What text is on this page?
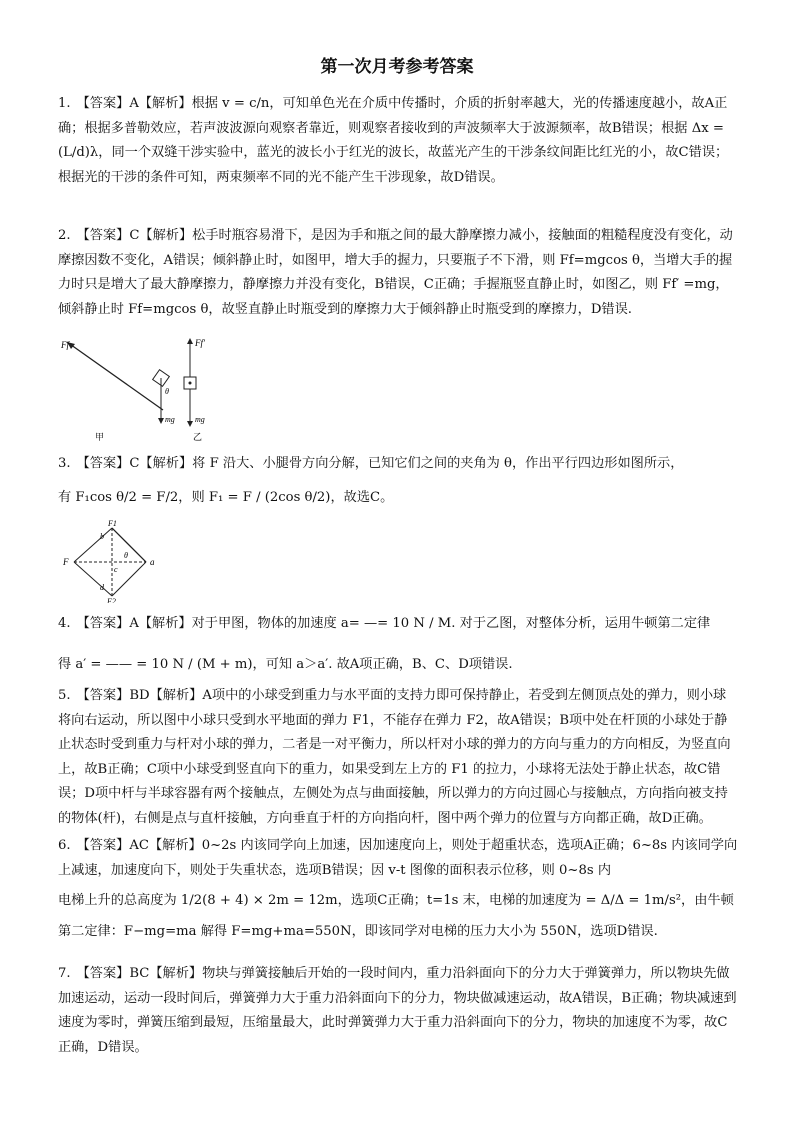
第一次月考参考答案

1. 【答案】A【解析】根据 v = c/n，可知单色光在介质中传播时，介质的折射率越大，光的传播速度越小，故A正确；根据多普勒效应，若声波波源向观察者靠近，则观察者接收到的声波频率大于波源频率，故B错误；根据 Δx = (L/d)λ，同一个双缝干涉实验中，蓝光的波长小于红光的波长，故蓝光产生的干涉条纹间距比红光的小，故C错误；根据光的干涉的条件可知，两束频率不同的光不能产生干涉现象，故D错误。

2. 【答案】C【解析】松手时瓶容易滑下，是因为手和瓶之间的最大静摩擦力减小，接触面的粗糙程度没有变化，动摩擦因数不变化，A错误；倾斜静止时，如图甲，增大手的握力，只要瓶子不下滑，则 Ff=mgcos θ，当增大手的握力时只是增大了最大静摩擦力，静摩擦力并没有变化，B错误，C正确；手握瓶竖直静止时，如图乙，则 Ff′ =mg，倾斜静止时 Ff=mgcos θ，故竖直静止时瓶受到的摩擦力大于倾斜静止时瓶受到的摩擦力，D错误.

Ff
θ
mg
甲
Ff′
mg
乙

3. 【答案】C【解析】将 F 沿大、小腿骨方向分解，已知它们之间的夹角为 θ，作出平行四边形如图所示，

有 F₁cos θ/2 = F/2，则 F₁ = F / (2cos θ/2)，故选C。

F1
F2
F	a
b
c
d
θ

4. 【答案】A【解析】对于甲图，物体的加速度 a= —= 10 N / M. 对于乙图，对整体分析，运用牛顿第二定律

得 a′ = —— = 10 N / (M + m)，可知 a＞a′. 故A项正确，B、C、D项错误.

5. 【答案】BD【解析】A项中的小球受到重力与水平面的支持力即可保持静止，若受到左侧顶点处的弹力，则小球将向右运动，所以图中小球只受到水平地面的弹力 F1，不能存在弹力 F2，故A错误；B项中处在杆顶的小球处于静止状态时受到重力与杆对小球的弹力，二者是一对平衡力，所以杆对小球的弹力的方向与重力的方向相反，为竖直向上，故B正确；C项中小球受到竖直向下的重力，如果受到左上方的 F1 的拉力，小球将无法处于静止状态，故C错误；D项中杆与半球容器有两个接触点，左侧处为点与曲面接触，所以弹力的方向过圆心与接触点，方向指向被支持的物体(杆)，右侧是点与直杆接触，方向垂直于杆的方向指向杆，图中两个弹力的位置与方向都正确，故D正确。

6. 【答案】AC【解析】0~2s 内该同学向上加速，因加速度向上，则处于超重状态，选项A正确；6~8s 内该同学向上减速，加速度向下，则处于失重状态，选项B错误；因 v-t 图像的面积表示位移，则 0~8s 内

电梯上升的总高度为 1/2(8 + 4) × 2m = 12m，选项C正确；t=1s 末，电梯的加速度为 = Δ/Δ = 1m/s²，由牛顿

第二定律：F−mg=ma 解得 F=mg+ma=550N，即该同学对电梯的压力大小为 550N，选项D错误.

7. 【答案】BC【解析】物块与弹簧接触后开始的一段时间内，重力沿斜面向下的分力大于弹簧弹力，所以物块先做加速运动，运动一段时间后，弹簧弹力大于重力沿斜面向下的分力，物块做减速运动，故A错误，B正确；物块减速到速度为零时，弹簧压缩到最短，压缩量最大，此时弹簧弹力大于重力沿斜面向下的分力，物块的加速度不为零，故C正确，D错误。
